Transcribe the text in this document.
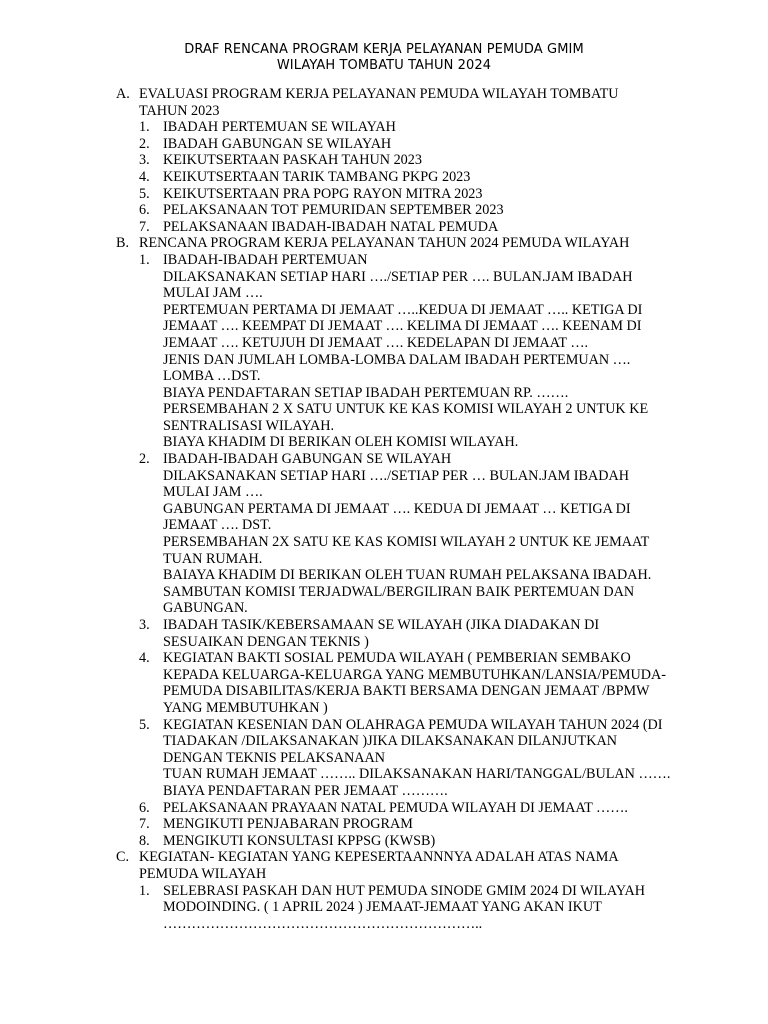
DRAF RENCANA PROGRAM KERJA PELAYANAN PEMUDA GMIM
WILAYAH TOMBATU TAHUN 2024
A. EVALUASI PROGRAM KERJA PELAYANAN PEMUDA WILAYAH TOMBATU
TAHUN 2023
1. IBADAH PERTEMUAN SE WILAYAH
2. IBADAH GABUNGAN SE WILAYAH
3. KEIKUTSERTAAN PASKAH TAHUN 2023
4. KEIKUTSERTAAN TARIK TAMBANG PKPG 2023
5. KEIKUTSERTAAN PRA POPG RAYON MITRA 2023
6. PELAKSANAAN TOT PEMURIDAN SEPTEMBER 2023
7. PELAKSANAAN IBADAH-IBADAH NATAL PEMUDA
B. RENCANA PROGRAM KERJA PELAYANAN TAHUN 2024 PEMUDA WILAYAH
1. IBADAH-IBADAH PERTEMUAN
DILAKSANAKAN SETIAP HARI …./SETIAP PER …. BULAN.JAM IBADAH
MULAI JAM ….
PERTEMUAN PERTAMA DI JEMAAT …..KEDUA DI JEMAAT ….. KETIGA DI
JEMAAT …. KEEMPAT DI JEMAAT …. KELIMA DI JEMAAT …. KEENAM DI
JEMAAT …. KETUJUH DI JEMAAT …. KEDELAPAN DI JEMAAT ….
JENIS DAN JUMLAH LOMBA-LOMBA DALAM IBADAH PERTEMUAN ….
LOMBA …DST.
BIAYA PENDAFTARAN SETIAP IBADAH PERTEMUAN RP. …….
PERSEMBAHAN 2 X SATU UNTUK KE KAS KOMISI WILAYAH 2 UNTUK KE
SENTRALISASI WILAYAH.
BIAYA KHADIM DI BERIKAN OLEH KOMISI WILAYAH.
2. IBADAH-IBADAH GABUNGAN SE WILAYAH
DILAKSANAKAN SETIAP HARI …./SETIAP PER … BULAN.JAM IBADAH
MULAI JAM ….
GABUNGAN PERTAMA DI JEMAAT …. KEDUA DI JEMAAT … KETIGA DI
JEMAAT …. DST.
PERSEMBAHAN 2X SATU KE KAS KOMISI WILAYAH 2 UNTUK KE JEMAAT
TUAN RUMAH.
BAIAYA KHADIM DI BERIKAN OLEH TUAN RUMAH PELAKSANA IBADAH.
SAMBUTAN KOMISI TERJADWAL/BERGILIRAN BAIK PERTEMUAN DAN
GABUNGAN.
3. IBADAH TASIK/KEBERSAMAAN SE WILAYAH (JIKA DIADAKAN DI
SESUAIKAN DENGAN TEKNIS )
4. KEGIATAN BAKTI SOSIAL PEMUDA WILAYAH ( PEMBERIAN SEMBAKO
KEPADA KELUARGA-KELUARGA YANG MEMBUTUHKAN/LANSIA/PEMUDA-
PEMUDA DISABILITAS/KERJA BAKTI BERSAMA DENGAN JEMAAT /BPMW
YANG MEMBUTUHKAN )
5. KEGIATAN KESENIAN DAN OLAHRAGA PEMUDA WILAYAH TAHUN 2024 (DI
TIADAKAN /DILAKSANAKAN )JIKA DILAKSANAKAN DILANJUTKAN
DENGAN TEKNIS PELAKSANAAN
TUAN RUMAH JEMAAT …….. DILAKSANAKAN HARI/TANGGAL/BULAN …….
BIAYA PENDAFTARAN PER JEMAAT ……….
6. PELAKSANAAN PRAYAAN NATAL PEMUDA WILAYAH DI JEMAAT …….
7. MENGIKUTI PENJABARAN PROGRAM
8. MENGIKUTI KONSULTASI KPPSG (KWSB)
C. KEGIATAN- KEGIATAN YANG KEPESERTAANNNYA ADALAH ATAS NAMA
PEMUDA WILAYAH
1. SELEBRASI PASKAH DAN HUT PEMUDA SINODE GMIM 2024 DI WILAYAH
MODOINDING. ( 1 APRIL 2024 ) JEMAAT-JEMAAT YANG AKAN IKUT
…………………………………………………………..
